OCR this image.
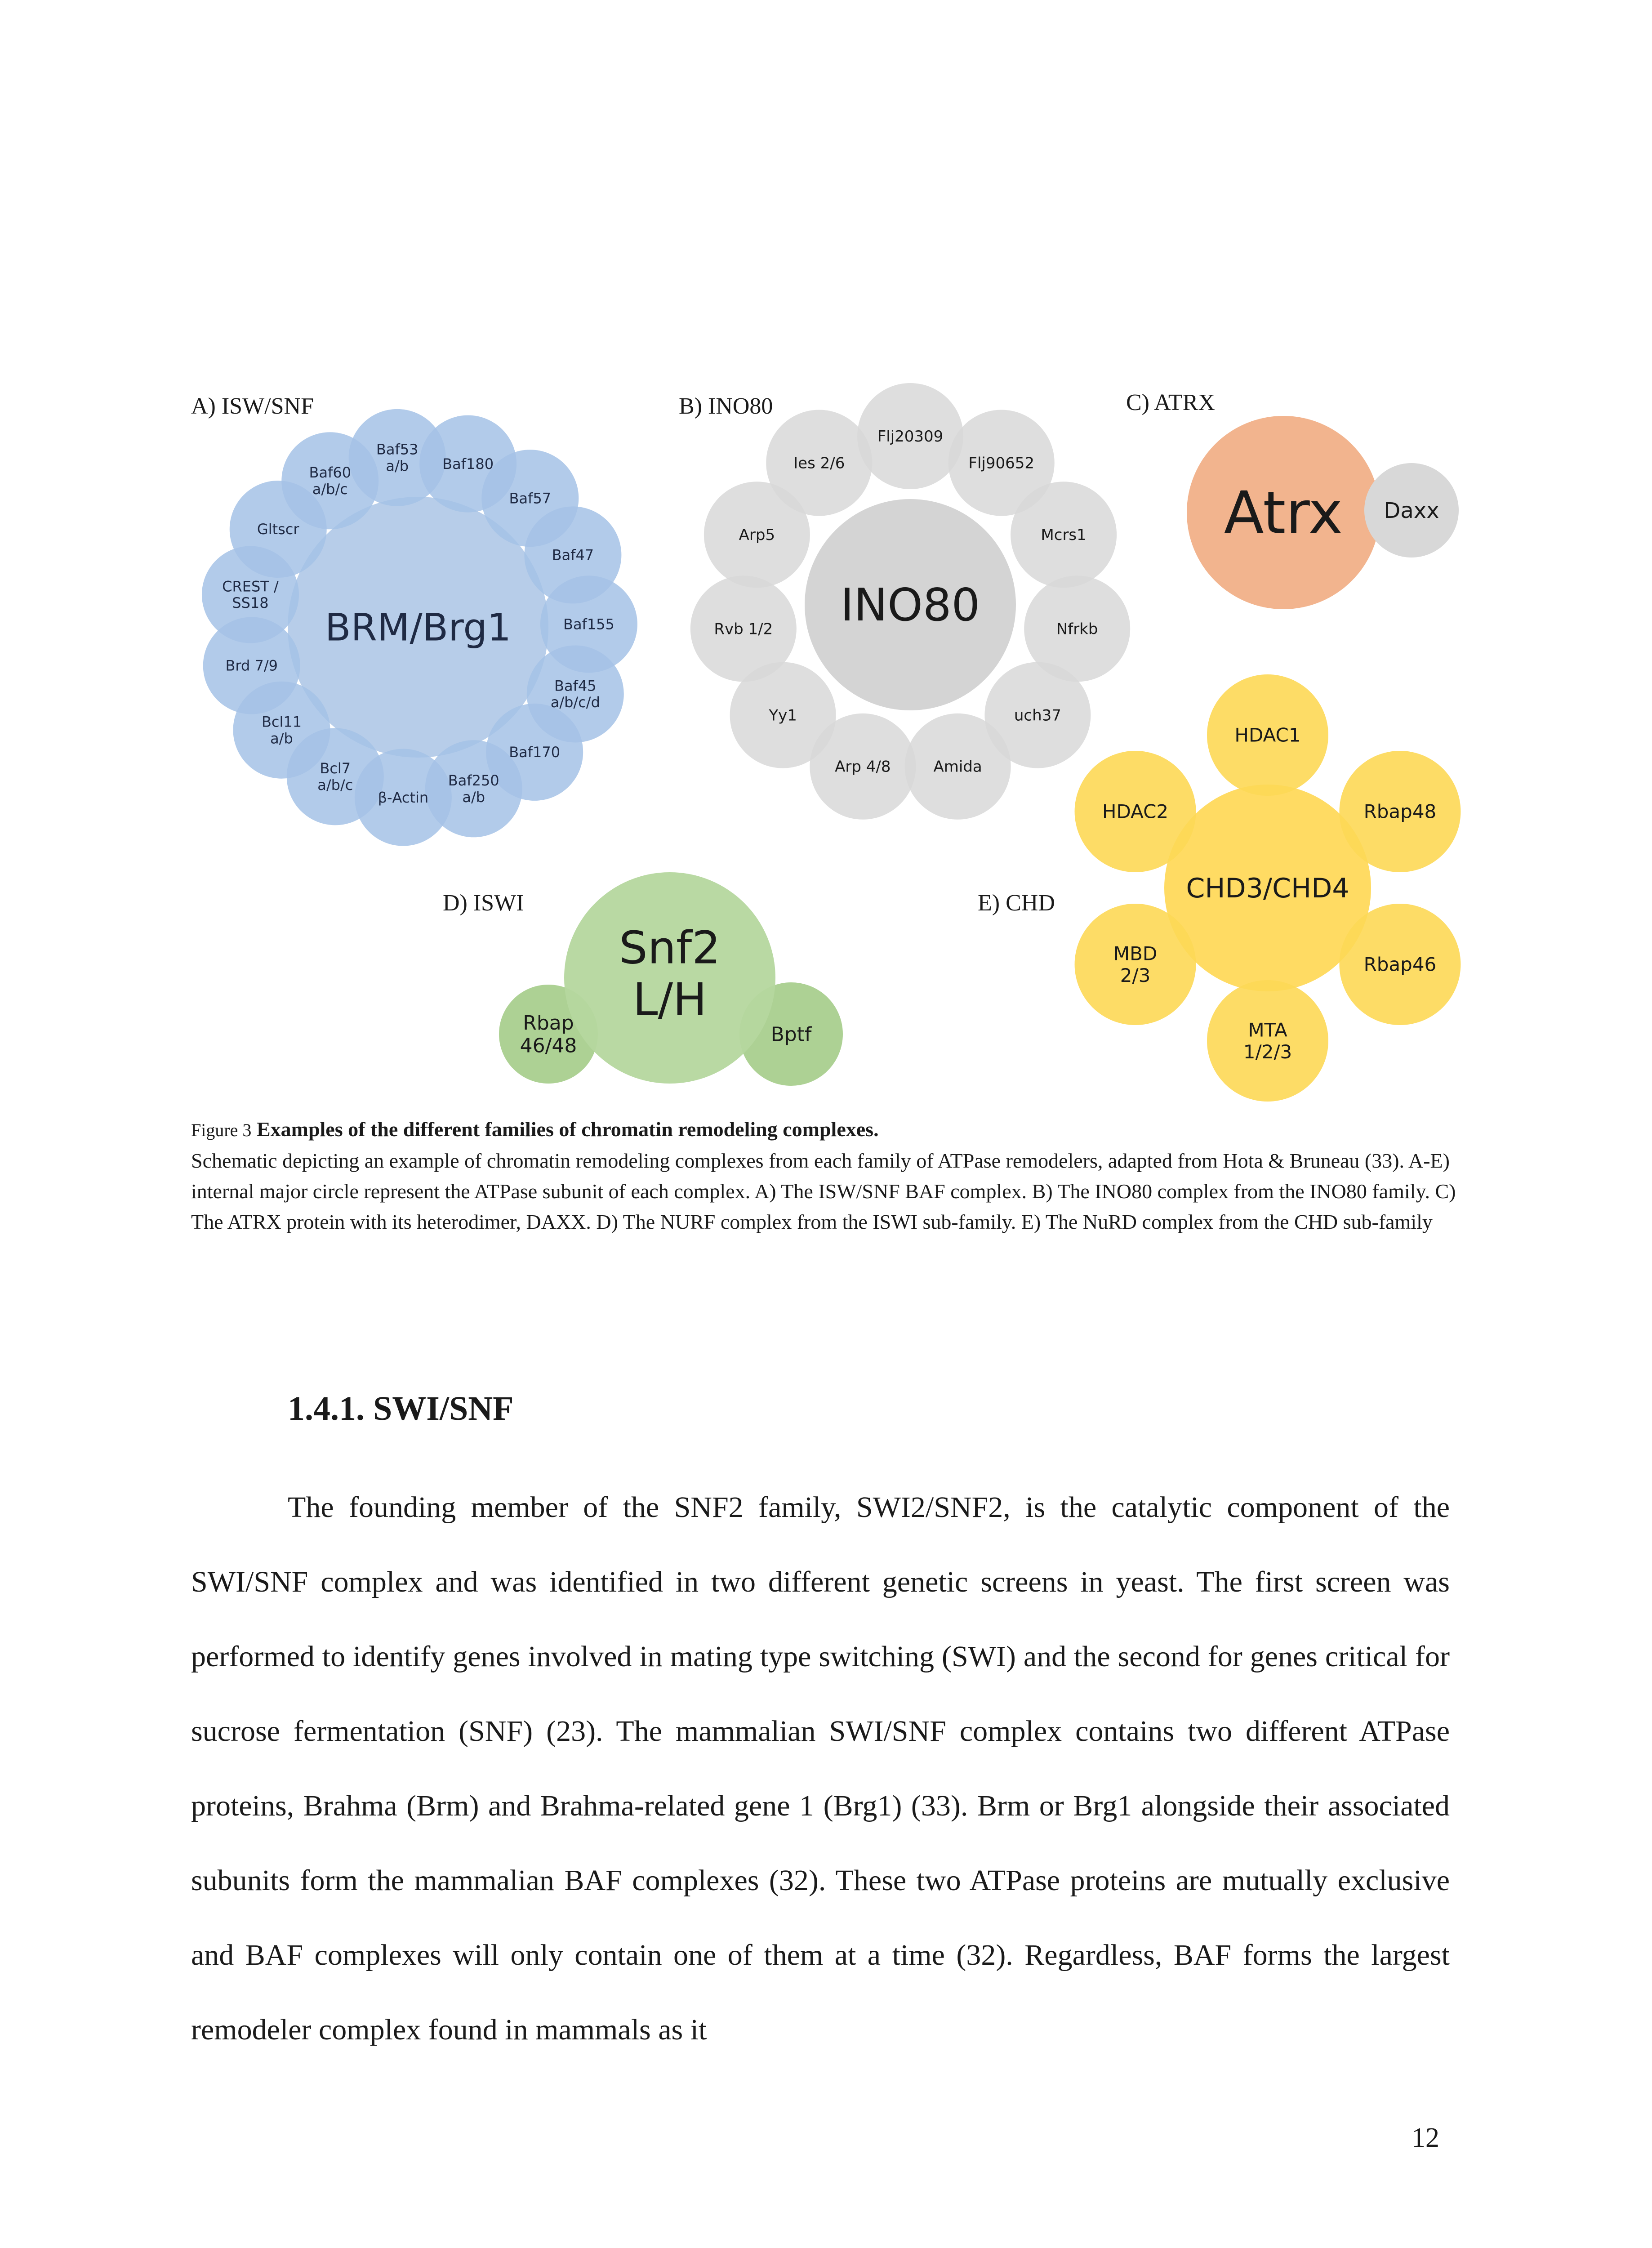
A) ISW/SNF	B) INO80	C) ATRX
D) ISWI	E) CHD
BRM/Brg1
Baf180
Baf57
Baf47
Baf155
Baf45 a/b/c/d
Baf170
Baf250 a/b
β-Actin
Bcl7 a/b/c
Bcl11 a/b
Brd 7/9
CREST / SS18
Gltscr
Baf60 a/b/c
Baf53 a/b
INO80
Flj20309
Flj90652
Mcrs1
Nfrkb
uch37
Amida
Arp 4/8
Yy1
Rvb 1/2
Arp5
Ies 2/6
Atrx Daxx
Snf2 L/H
Rbap 46/48	Bptf
CHD3/CHD4
HDAC1
Rbap48
Rbap46
MTA 1/2/3
MBD 2/3
HDAC2
Figure 3 Examples of the different families of chromatin remodeling complexes.
Schematic depicting an example of chromatin remodeling complexes from each family of ATPase remodelers, adapted from Hota & Bruneau (33). A-E) internal major circle represent the ATPase subunit of each complex. A) The ISW/SNF BAF complex. B) The INO80 complex from the INO80 family. C) The ATRX protein with its heterodimer, DAXX. D) The NURF complex from the ISWI sub-family. E) The NuRD complex from the CHD sub-family
1.4.1. SWI/SNF

The founding member of the SNF2 family, SWI2/SNF2, is the catalytic component of the SWI/SNF complex and was identified in two different genetic screens in yeast. The first screen was performed to identify genes involved in mating type switching (SWI) and the second for genes critical for sucrose fermentation (SNF) (23). The mammalian SWI/SNF complex contains two different ATPase proteins, Brahma (Brm) and Brahma-related gene 1 (Brg1) (33). Brm or Brg1 alongside their associated subunits form the mammalian BAF complexes (32). These two ATPase proteins are mutually exclusive and BAF complexes will only contain one of them at a time (32). Regardless, BAF forms the largest remodeler complex found in mammals as it

12
